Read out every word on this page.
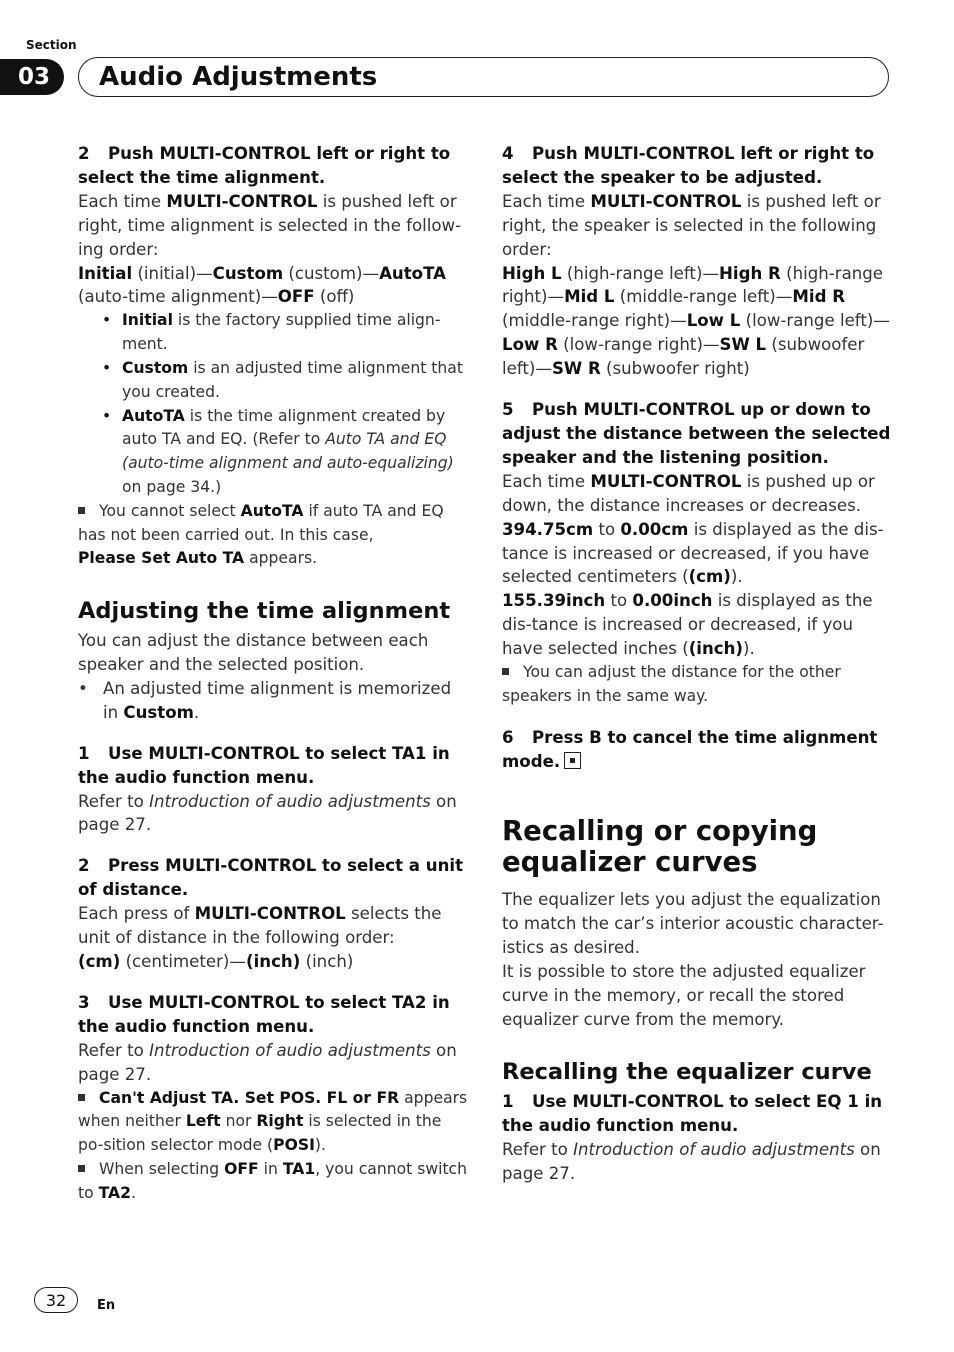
Section
03	Audio Adjustments

2 Push MULTI-CONTROL left or right to select the time alignment.

Each time MULTI-CONTROL is pushed left or right, time alignment is selected in the follow-ing order:

Initial (initial)—Custom (custom)—AutoTA (auto-time alignment)—OFF (off)

• Initial is the factory supplied time align-ment.
• Custom is an adjusted time alignment that you created.
• AutoTA is the time alignment created by auto TA and EQ. (Refer to Auto TA and EQ (auto-time alignment and auto-equalizing) on page 34.)

You cannot select AutoTA if auto TA and EQ has not been carried out. In this case,
Please Set Auto TA appears.

Adjusting the time alignment

You can adjust the distance between each speaker and the selected position.

• An adjusted time alignment is memorized in Custom.

1 Use MULTI-CONTROL to select TA1 in the audio function menu.

Refer to Introduction of audio adjustments on page 27.

2 Press MULTI-CONTROL to select a unit of distance.

Each press of MULTI-CONTROL selects the unit of distance in the following order:

(cm) (centimeter)—(inch) (inch)

3 Use MULTI-CONTROL to select TA2 in the audio function menu.

Refer to Introduction of audio adjustments on page 27.

Can't Adjust TA. Set POS. FL or FR appears when neither Left nor Right is selected in the po-sition selector mode (POSI).

When selecting OFF in TA1, you cannot switch to TA2.

4 Push MULTI-CONTROL left or right to select the speaker to be adjusted.

Each time MULTI-CONTROL is pushed left or right, the speaker is selected in the following order:

High L (high-range left)—High R (high-range right)—Mid L (middle-range left)—Mid R (middle-range right)—Low L (low-range left)—Low R (low-range right)—SW L (subwoofer left)—SW R (subwoofer right)

5 Push MULTI-CONTROL up or down to adjust the distance between the selected speaker and the listening position.

Each time MULTI-CONTROL is pushed up or down, the distance increases or decreases.

394.75cm to 0.00cm is displayed as the dis-tance is increased or decreased, if you have selected centimeters ((cm)).

155.39inch to 0.00inch is displayed as the dis-tance is increased or decreased, if you have selected inches ((inch)).

You can adjust the distance for the other speakers in the same way.

6 Press B to cancel the time alignment mode.

Recalling or copying equalizer curves

The equalizer lets you adjust the equalization to match the car’s interior acoustic character-istics as desired.

It is possible to store the adjusted equalizer curve in the memory, or recall the stored equalizer curve from the memory.

Recalling the equalizer curve

1 Use MULTI-CONTROL to select EQ 1 in the audio function menu.

Refer to Introduction of audio adjustments on page 27.

32	En
